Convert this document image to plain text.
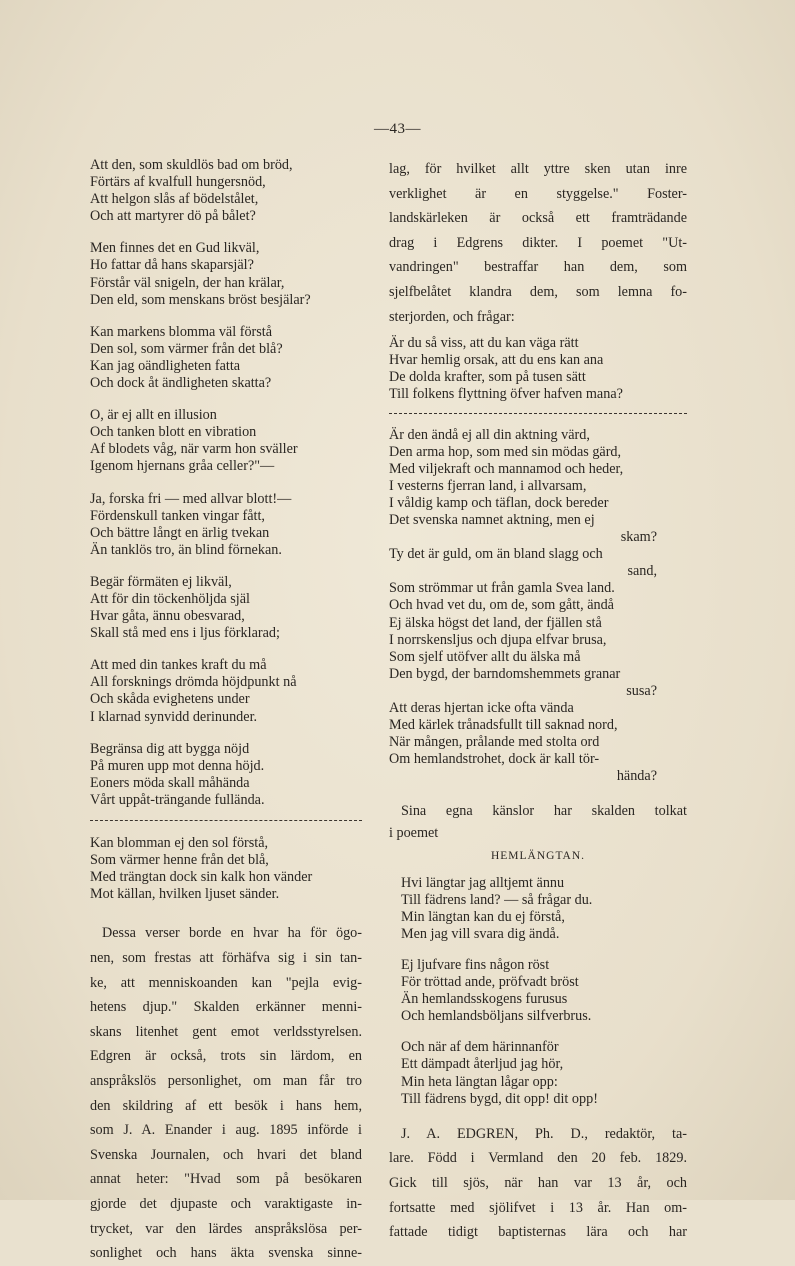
—43—
Att den, som skuldlös bad om bröd,
Förtärs af kvalfull hungersnöd,
Att helgon slås af bödelstålet,
Och att martyrer dö på bålet?
Men finnes det en Gud likväl,
Ho fattar då hans skaparsjäl?
Förstår väl snigeln, der han krälar,
Den eld, som menskans bröst besjälar?
Kan markens blomma väl förstå
Den sol, som värmer från det blå?
Kan jag oändligheten fatta
Och dock åt ändligheten skatta?
O, är ej allt en illusion
Och tanken blott en vibration
Af blodets våg, när varm hon sväller
Igenom hjernans gråa celler?"—
Ja, forska fri — med allvar blott!—
Fördenskull tanken vingar fått,
Och bättre långt en ärlig tvekan
Än tanklös tro, än blind förnekan.
Begär förmäten ej likväl,
Att för din töckenhöljda själ
Hvar gåta, ännu obesvarad,
Skall stå med ens i ljus förklarad;
Att med din tankes kraft du må
All forsknings drömda höjdpunkt nå
Och skåda evighetens under
I klarnad synvidd derinunder.
Begränsa dig att bygga nöjd
På muren upp mot denna höjd.
Eoners möda skall måhända
Vårt uppåt-trängande fullända.
Kan blomman ej den sol förstå,
Som värmer henne från det blå,
Med trängtan dock sin kalk hon vänder
Mot källan, hvilken ljuset sänder.
Dessa verser borde en hvar ha för ögo-
nen, som frestas att förhäfva sig i sin tan-
ke, att menniskoanden kan "pejla evig-
hetens djup." Skalden erkänner menni-
skans litenhet gent emot verldsstyrelsen.
Edgren är också, trots sin lärdom, en
anspråkslös personlighet, om man får tro
den skildring af ett besök i hans hem,
som J. A. Enander i aug. 1895 införde i
Svenska Journalen, och hvari det bland
annat heter: "Hvad som på besökaren
gjorde det djupaste och varaktigaste in-
trycket, var den lärdes anspråkslösa per-
sonlighet och hans äkta svenska sinne-
lag, för hvilket allt yttre sken utan inre
verklighet är en styggelse." Foster-
landskärleken är också ett framträdande
drag i Edgrens dikter. I poemet "Ut-
vandringen" bestraffar han dem, som
sjelfbelåtet klandra dem, som lemna fo-
sterjorden, och frågar:
Är du så viss, att du kan väga rätt
Hvar hemlig orsak, att du ens kan ana
De dolda krafter, som på tusen sätt
Till folkens flyttning öfver hafven mana?
Är den ändå ej all din aktning värd,
Den arma hop, som med sin mödas gärd,
Med viljekraft och mannamod och heder,
I vesterns fjerran land, i allvarsam,
I våldig kamp och täflan, dock bereder
Det svenska namnet aktning, men ej
skam?
Ty det är guld, om än bland slagg och
sand,
Som strömmar ut från gamla Svea land.
Och hvad vet du, om de, som gått, ändå
Ej älska högst det land, der fjällen stå
I norrskensljus och djupa elfvar brusa,
Som sjelf utöfver allt du älska må
Den bygd, der barndomshemmets granar
susa?
Att deras hjertan icke ofta vända
Med kärlek trånadsfullt till saknad nord,
När mången, prålande med stolta ord
Om hemlandstrohet, dock är kall tör-
hända?
Sina egna känslor har skalden tolkat
i poemet
HEMLÄNGTAN.
Hvi längtar jag alltjemt ännu
Till fädrens land? — så frågar du.
Min längtan kan du ej förstå,
Men jag vill svara dig ändå.
Ej ljufvare fins någon röst
För tröttad ande, pröfvadt bröst
Än hemlandsskogens furusus
Och hemlandsböljans silfverbrus.
Och när af dem härinnanför
Ett dämpadt återljud jag hör,
Min heta längtan lågar opp:
Till fädrens bygd, dit opp! dit opp!
J. A. EDGREN, Ph. D., redaktör, ta-
lare. Född i Vermland den 20 feb. 1829.
Gick till sjös, när han var 13 år, och
fortsatte med sjölifvet i 13 år. Han om-
fattade tidigt baptisternas lära och har
